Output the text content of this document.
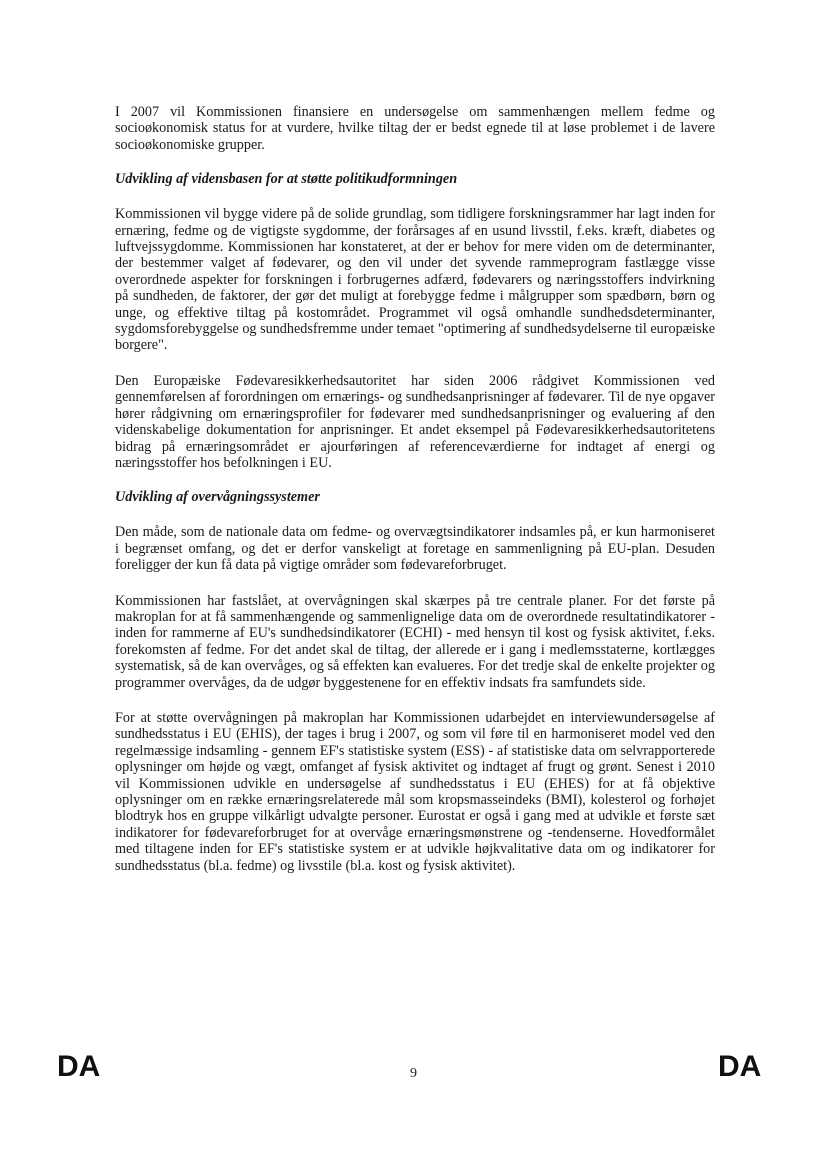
I 2007 vil Kommissionen finansiere en undersøgelse om sammenhængen mellem fedme og socioøkonomisk status for at vurdere, hvilke tiltag der er bedst egnede til at løse problemet i de lavere socioøkonomiske grupper.

Udvikling af vidensbasen for at støtte politikudformningen

Kommissionen vil bygge videre på de solide grundlag, som tidligere forskningsrammer har lagt inden for ernæring, fedme og de vigtigste sygdomme, der forårsages af en usund livsstil, f.eks. kræft, diabetes og luftvejssygdomme. Kommissionen har konstateret, at der er behov for mere viden om de determinanter, der bestemmer valget af fødevarer, og den vil under det syvende rammeprogram fastlægge visse overordnede aspekter for forskningen i forbrugernes adfærd, fødevarers og næringsstoffers indvirkning på sundheden, de faktorer, der gør det muligt at forebygge fedme i målgrupper som spædbørn, børn og unge, og effektive tiltag på kostområdet. Programmet vil også omhandle sundhedsdeterminanter, sygdomsforebyggelse og sundhedsfremme under temaet "optimering af sundhedsydelserne til europæiske borgere".

Den Europæiske Fødevaresikkerhedsautoritet har siden 2006 rådgivet Kommissionen ved gennemførelsen af forordningen om ernærings- og sundhedsanprisninger af fødevarer. Til de nye opgaver hører rådgivning om ernæringsprofiler for fødevarer med sundhedsanprisninger og evaluering af den videnskabelige dokumentation for anprisninger. Et andet eksempel på Fødevaresikkerhedsautoritetens bidrag på ernæringsområdet er ajourføringen af referenceværdierne for indtaget af energi og næringsstoffer hos befolkningen i EU.

Udvikling af overvågningssystemer

Den måde, som de nationale data om fedme- og overvægtsindikatorer indsamles på, er kun harmoniseret i begrænset omfang, og det er derfor vanskeligt at foretage en sammenligning på EU-plan. Desuden foreligger der kun få data på vigtige områder som fødevareforbruget.

Kommissionen har fastslået, at overvågningen skal skærpes på tre centrale planer. For det første på makroplan for at få sammenhængende og sammenlignelige data om de overordnede resultatindikatorer - inden for rammerne af EU's sundhedsindikatorer (ECHI) - med hensyn til kost og fysisk aktivitet, f.eks. forekomsten af fedme. For det andet skal de tiltag, der allerede er i gang i medlemsstaterne, kortlægges systematisk, så de kan overvåges, og så effekten kan evalueres. For det tredje skal de enkelte projekter og programmer overvåges, da de udgør byggestenene for en effektiv indsats fra samfundets side.

For at støtte overvågningen på makroplan har Kommissionen udarbejdet en interviewundersøgelse af sundhedsstatus i EU (EHIS), der tages i brug i 2007, og som vil føre til en harmoniseret model ved den regelmæssige indsamling - gennem EF's statistiske system (ESS) - af statistiske data om selvrapporterede oplysninger om højde og vægt, omfanget af fysisk aktivitet og indtaget af frugt og grønt. Senest i 2010 vil Kommissionen udvikle en undersøgelse af sundhedsstatus i EU (EHES) for at få objektive oplysninger om en række ernæringsrelaterede mål som kropsmasseindeks (BMI), kolesterol og forhøjet blodtryk hos en gruppe vilkårligt udvalgte personer. Eurostat er også i gang med at udvikle et første sæt indikatorer for fødevareforbruget for at overvåge ernæringsmønstrene og -tendenserne. Hovedformålet med tiltagene inden for EF's statistiske system er at udvikle højkvalitative data om og indikatorer for sundhedsstatus (bl.a. fedme) og livsstile (bl.a. kost og fysisk aktivitet).

DA	9	DA
